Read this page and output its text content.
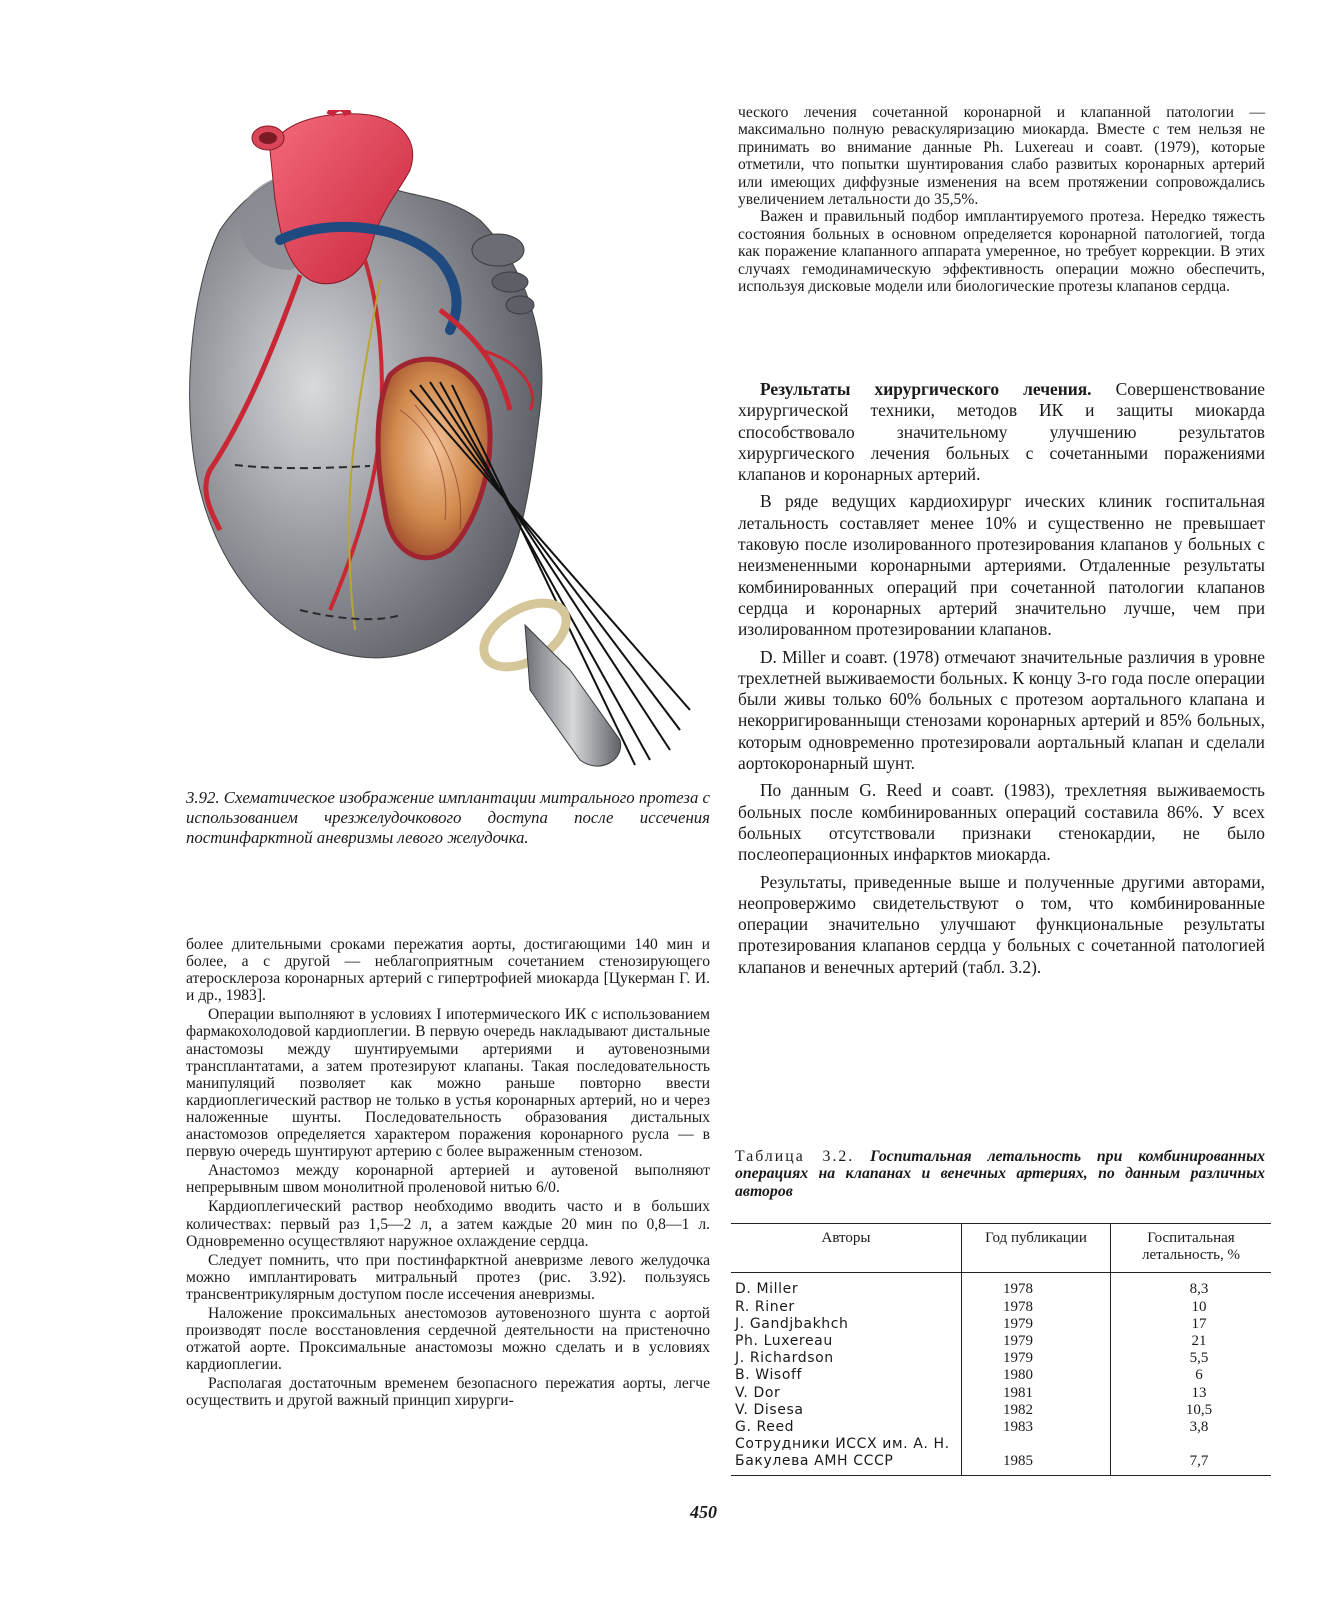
3.92. Схематическое изображение имплантации митрального протеза с использованием чрезжелудочкового доступа после иссечения постинфарктной аневризмы левого желудочка.

более длительными сроками пережатия аорты, достигающими 140 мин и более, а с другой — неблагоприятным сочетанием стенозирующего атеросклероза коронарных артерий с гипертрофией миокарда [Цукерман Г. И. и др., 1983].

Операции выполняют в условиях I ипотермического ИК с использованием фармакохолодовой кардиоплегии. В первую очередь накладывают дистальные анастомозы между шунтируемыми артериями и аутовенозными трансплантатами, а затем протезируют клапаны. Такая последовательность манипуляций позволяет как можно раньше повторно ввести кардиоплегический раствор не только в устья коронарных артерий, но и через наложенные шунты. Последовательность образования дистальных анастомозов определяется характером поражения коронарного русла — в первую очередь шунтируют артерию с более выраженным стенозом.

Анастомоз между коронарной артерией и аутовеной выполняют непрерывным швом монолитной проленовой нитью 6/0.

Кардиоплегический раствор необходимо вводить часто и в больших количествах: первый раз 1,5—2 л, а затем каждые 20 мин по 0,8—1 л. Одновременно осуществляют наружное охлаждение сердца.

Следует помнить, что при постинфарктной аневризме левого желудочка можно имплантировать митральный протез (рис. 3.92). пользуясь трансвентрикулярным доступом после иссечения аневризмы.

Наложение проксимальных анестомозов аутовенозного шунта с аортой производят после восстановления сердечной деятельности на пристеночно отжатой аорте. Проксимальные анастомозы можно сделать и в условиях кардиоплегии.

Располагая достаточным временем безопасного пережатия аорты, легче осуществить и другой важный принцип хирурги-

ческого лечения сочетанной коронарной и клапанной патологии — максимально полную реваскуляризацию миокарда. Вместе с тем нельзя не принимать во внимание данные Ph. Luxereau и соавт. (1979), которые отметили, что попытки шунтирования слабо развитых коронарных артерий или имеющих диффузные изменения на всем протяжении сопровождались увеличением летальности до 35,5%.

Важен и правильный подбор имплантируемого протеза. Нередко тяжесть состояния больных в основном определяется коронарной патологией, тогда как поражение клапанного аппарата умеренное, но требует коррекции. В этих случаях гемодинамическую эффективность операции можно обеспечить, используя дисковые модели или биологические протезы клапанов сердца.

Результаты хирургического лечения. Совершенствование хирургической техники, методов ИК и защиты миокарда способствовало значительному улучшению результатов хирургического лечения больных с сочетанными поражениями клапанов и коронарных артерий.

В ряде ведущих кардиохирург ических клиник госпитальная летальность составляет менее 10% и существенно не превышает таковую после изолированного протезирования клапанов у больных с неизмененными коронарными артериями. Отдаленные результаты комбинированных операций при сочетанной патологии клапанов сердца и коронарных артерий значительно лучше, чем при изолированном протезировании клапанов.

D. Miller и соавт. (1978) отмечают значительные различия в уровне трехлетней выживаемости больных. К концу 3-го года после операции были живы только 60% больных с протезом аортального клапана и некорригированныщи стенозами коронарных артерий и 85% больных, которым одновременно протезировали аортальный клапан и сделали аортокоронарный шунт.

По данным G. Reed и соавт. (1983), трехлетняя выживаемость больных после комбинированных операций составила 86%. У всех больных отсутствовали признаки стенокардии, не было послеоперационных инфарктов миокарда.

Результаты, приведенные выше и полученные другими авторами, неопровержимо свидетельствуют о том, что комбинированные операции значительно улучшают функциональные результаты протезирования клапанов сердца у больных с сочетанной патологией клапанов и венечных артерий (табл. 3.2).

Таблица 3.2. Госпитальная летальность при комбинированных операциях на клапанах и венечных артериях, по данным различных авторов

Авторы	Год публикации	Госпитальная летальность, %
D. Miller	1978	8,3
R. Riner	1978	10
J. Gandjbakhch	1979	17
Ph. Luxereau	1979	21
J. Richardson	1979	5,5
B. Wisoff	1980	6
V. Dor	1981	13
V. Disesa	1982	10,5
G. Reed	1983	3,8
Сотрудники ИССХ им. А. Н. Бакулева АМН СССР	1985	7,7
450
